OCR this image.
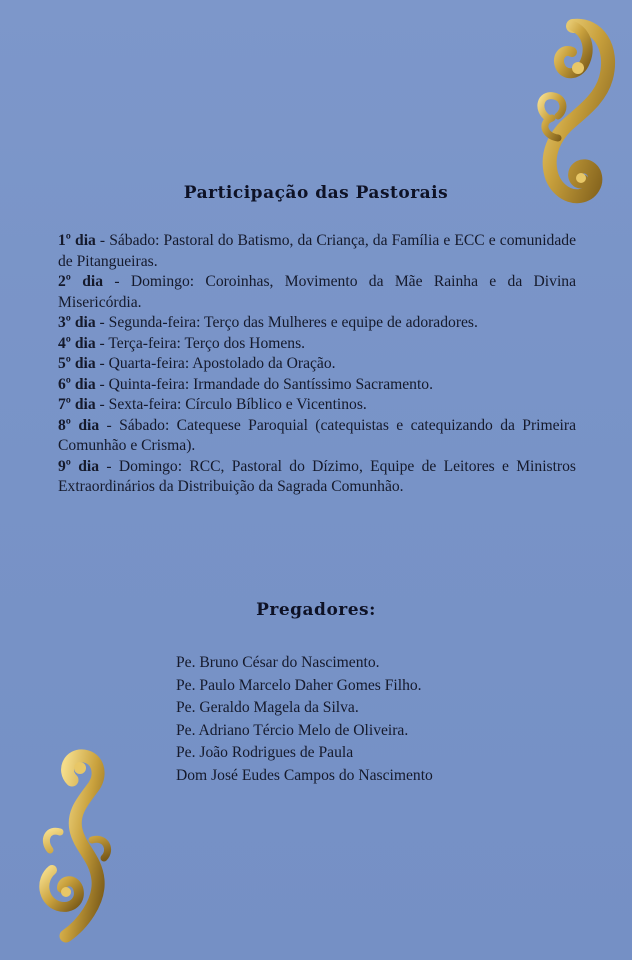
Participação das Pastorais

1º dia - Sábado: Pastoral do Batismo, da Criança, da Família e ECC e comunidade de Pitangueiras.

2º dia - Domingo: Coroinhas, Movimento da Mãe Rainha e da Divina Misericórdia.

3º dia - Segunda-feira: Terço das Mulheres e equipe de adoradores.

4º dia - Terça-feira: Terço dos Homens.

5º dia - Quarta-feira: Apostolado da Oração.

6º dia - Quinta-feira: Irmandade do Santíssimo Sacramento.

7º dia - Sexta-feira: Círculo Bíblico e Vicentinos.

8º dia - Sábado: Catequese Paroquial (catequistas e catequizando da Primeira Comunhão e Crisma).

9º dia - Domingo: RCC, Pastoral do Dízimo, Equipe de Leitores e Ministros Extraordinários da Distribuição da Sagrada Comunhão.

Pregadores:
Pe. Bruno César do Nascimento.
Pe. Paulo Marcelo Daher Gomes Filho.
Pe. Geraldo Magela da Silva.
Pe. Adriano Tércio Melo de Oliveira.
Pe. João Rodrigues de Paula
Dom José Eudes Campos do Nascimento
